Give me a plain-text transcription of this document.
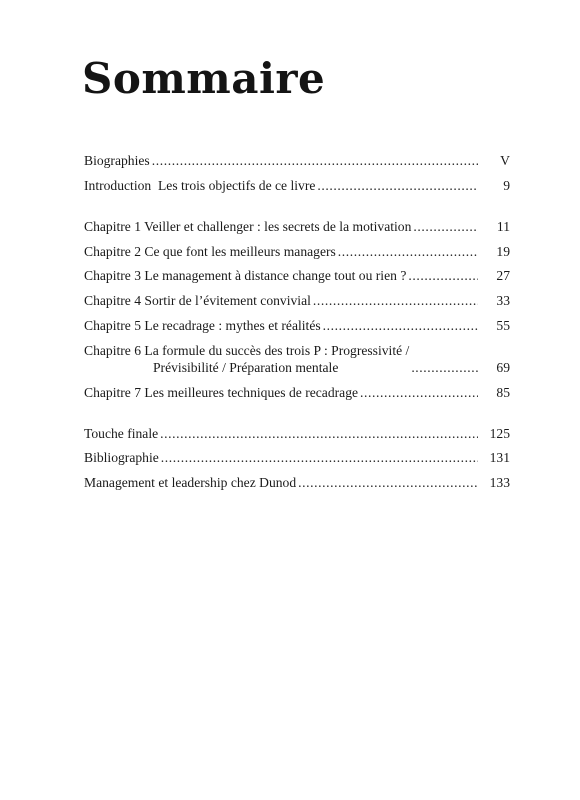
Sommaire
Biographies .....	V
Introduction  Les trois objectifs de ce livre .....	9
Chapitre 1 Veiller et challenger : les secrets de la motivation .....	11
Chapitre 2 Ce que font les meilleurs managers .....	19
Chapitre 3 Le management à distance change tout ou rien ? .....	27
Chapitre 4 Sortir de l’évitement convivial .....	33
Chapitre 5 Le recadrage : mythes et réalités .....	55
Chapitre 6 La formule du succès des trois P : Progressivité /
Prévisibilité / Préparation mentale .....	69
Chapitre 7 Les meilleures techniques de recadrage .....	85
Touche finale .....	125
Bibliographie .....	131
Management et leadership chez Dunod .....	133
